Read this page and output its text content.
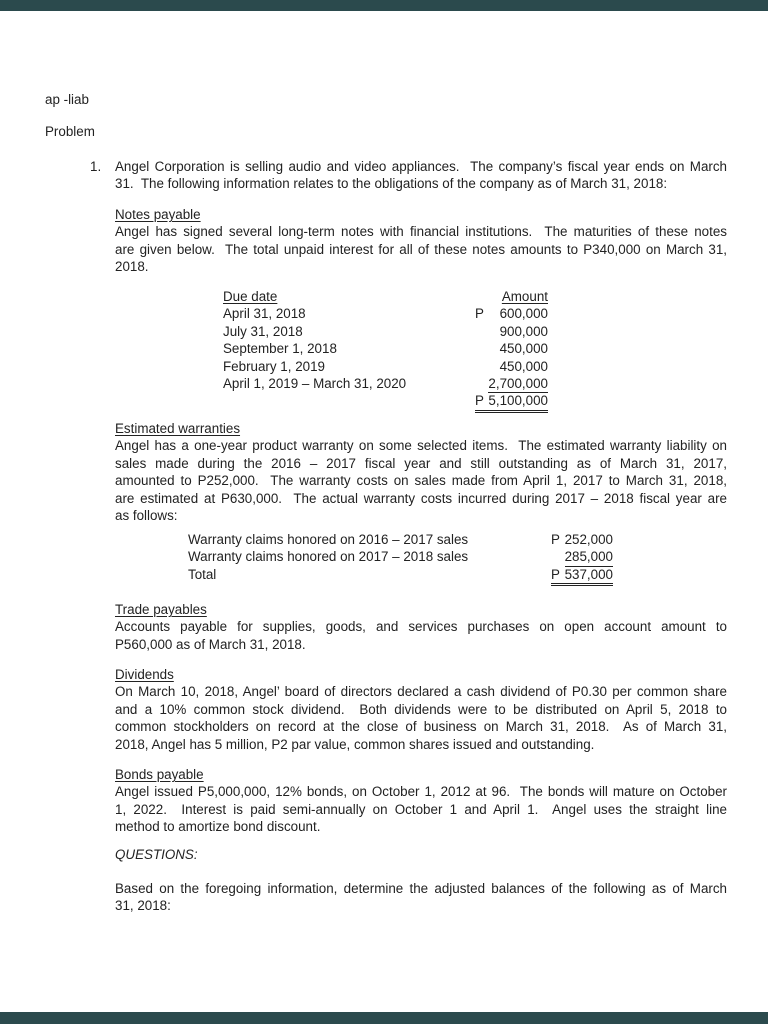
ap -liab
Problem
1.	Angel Corporation is selling audio and video appliances.  The company’s fiscal year ends on March
31.  The following information relates to the obligations of the company as of March 31, 2018:
Notes payable
Angel has signed several long-term notes with financial institutions.  The maturities of these notes
are given below.  The total unpaid interest for all of these notes amounts to P340,000 on March 31,
2018.
Due date	Amount
April 31, 2018	P 600,000
July 31, 2018	900,000
September 1, 2018	450,000
February 1, 2019	450,000
April 1, 2019 – March 31, 2020	2,700,000
P 5,100,000
Estimated warranties
Angel has a one-year product warranty on some selected items.  The estimated warranty liability on
sales made during the 2016 – 2017 fiscal year and still outstanding as of March 31, 2017,
amounted to P252,000.  The warranty costs on sales made from April 1, 2017 to March 31, 2018,
are estimated at P630,000.  The actual warranty costs incurred during 2017 – 2018 fiscal year are
as follows:
Warranty claims honored on 2016 – 2017 sales	P 252,000
Warranty claims honored on 2017 – 2018 sales	285,000
Total	P 537,000
Trade payables
Accounts payable for supplies, goods, and services purchases on open account amount to
P560,000 as of March 31, 2018.
Dividends
On March 10, 2018, Angel’ board of directors declared a cash dividend of P0.30 per common share
and a 10% common stock dividend.  Both dividends were to be distributed on April 5, 2018 to
common stockholders on record at the close of business on March 31, 2018.  As of March 31,
2018, Angel has 5 million, P2 par value, common shares issued and outstanding.
Bonds payable
Angel issued P5,000,000, 12% bonds, on October 1, 2012 at 96.  The bonds will mature on October
1, 2022.  Interest is paid semi-annually on October 1 and April 1.  Angel uses the straight line
method to amortize bond discount.
QUESTIONS:
Based on the foregoing information, determine the adjusted balances of the following as of March
31, 2018:
